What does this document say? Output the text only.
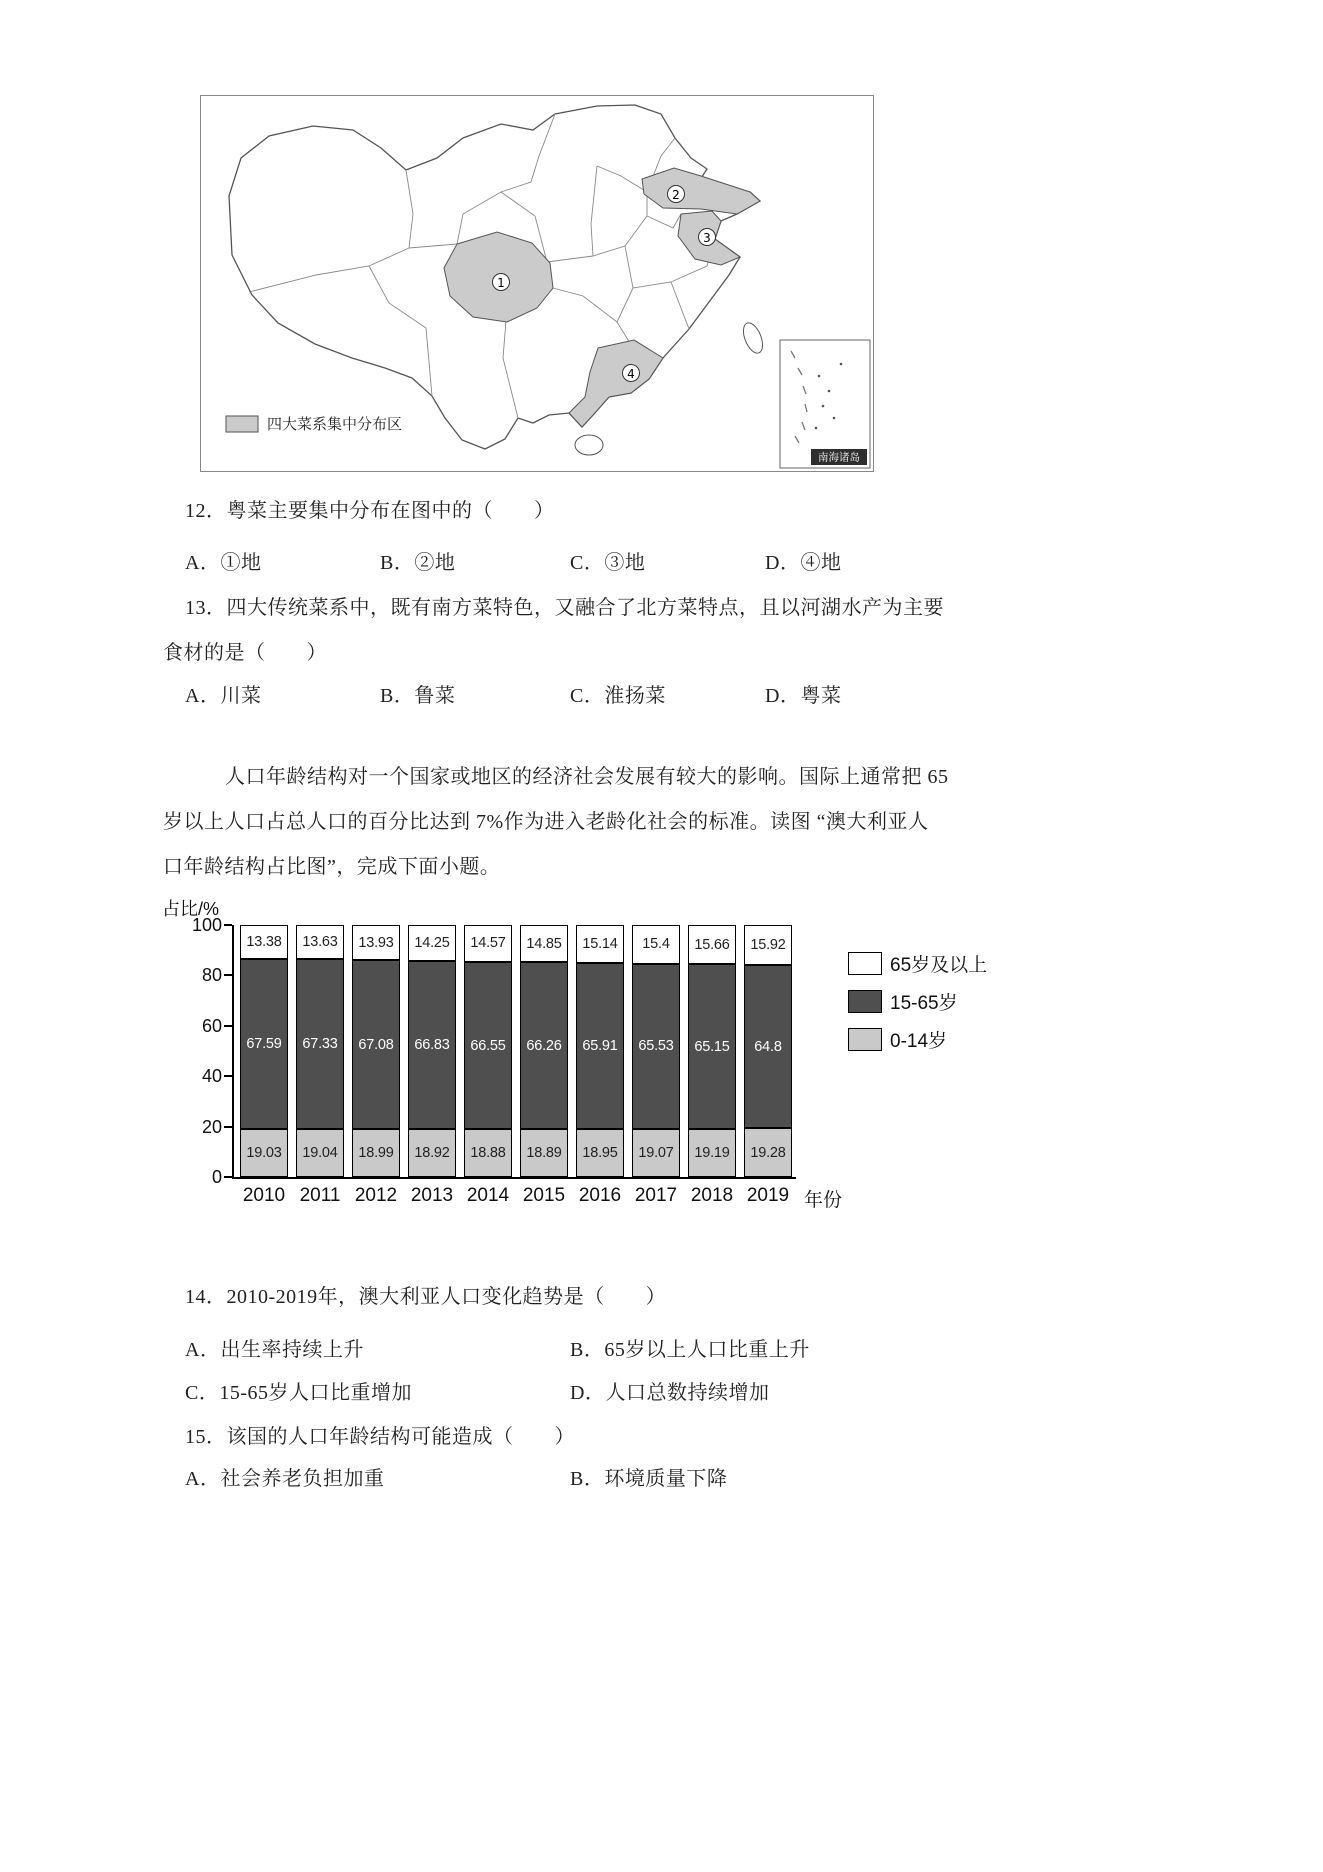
1
2
3
4
四大菜系集中分布区
南海诸岛

12．粤菜主要集中分布在图中的（　　）

A．①地	B．②地	C．③地	D．④地

13．四大传统菜系中，既有南方菜特色，又融合了北方菜特点，且以河湖水产为主要

食材的是（　　）

A．川菜	B．鲁菜	C．淮扬菜	D．粤菜

人口年龄结构对一个国家或地区的经济社会发展有较大的影响。国际上通常把 65

岁以上人口占总人口的百分比达到 7%作为进入老龄化社会的标准。读图 “澳大利亚人

口年龄结构占比图”，完成下面小题。

占比/%
年份
0
20
40
60
80
100
19.03
67.59
13.38
2010
19.04
67.33
13.63
2011
18.99
67.08
13.93
2012
18.92
66.83
14.25
2013
18.88
66.55
14.57
2014
18.89
66.26
14.85
2015
18.95
65.91
15.14
2016
19.07
65.53
15.4
2017
19.19
65.15
15.66
2018
19.28
64.8
15.92
2019
65岁及以上
15-65岁
0-14岁

14．2010-2019年，澳大利亚人口变化趋势是（　　）

A．出生率持续上升	B．65岁以上人口比重上升
C．15-65岁人口比重增加	D．人口总数持续增加

15．该国的人口年龄结构可能造成（　　）

A．社会养老负担加重	B．环境质量下降
